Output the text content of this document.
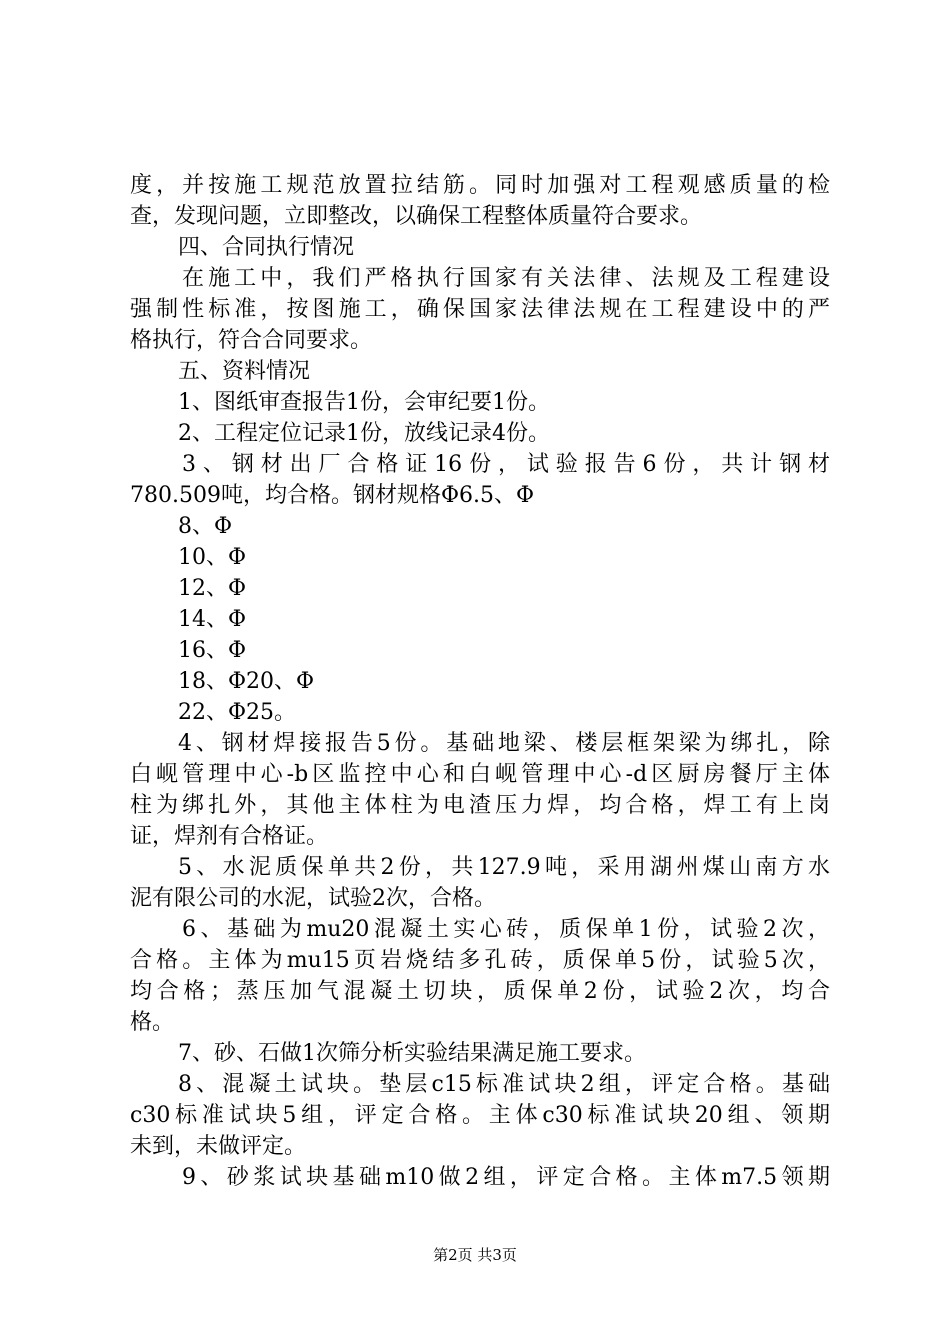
度，并按施工规范放置拉结筋。同时加强对工程观感质量的检
查，发现问题，立即整改，以确保工程整体质量符合要求。
四、合同执行情况
在施工中，我们严格执行国家有关法律、法规及工程建设
强制性标准，按图施工，确保国家法律法规在工程建设中的严
格执行，符合合同要求。
五、资料情况
1、图纸审查报告1份，会审纪要1份。
2、工程定位记录1份，放线记录4份。
3、钢材出厂合格证16份，试验报告6份，共计钢材
780.509吨，均合格。钢材规格Φ6.5、Φ
8、Φ
10、Φ
12、Φ
14、Φ
16、Φ
18、Φ20、Φ
22、Φ25。
4、钢材焊接报告5份。基础地梁、楼层框架梁为绑扎，除
白岘管理中心-b区监控中心和白岘管理中心-d区厨房餐厅主体
柱为绑扎外，其他主体柱为电渣压力焊，均合格，焊工有上岗
证，焊剂有合格证。
5、水泥质保单共2份，共127.9吨，采用湖州煤山南方水
泥有限公司的水泥，试验2次，合格。
6、基础为mu20混凝土实心砖，质保单1份，试验2次，
合格。主体为mu15页岩烧结多孔砖，质保单5份，试验5次，
均合格；蒸压加气混凝土切块，质保单2份，试验2次，均合
格。
7、砂、石做1次筛分析实验结果满足施工要求。
8、混凝土试块。垫层c15标准试块2组，评定合格。基础
c30标准试块5组，评定合格。主体c30标准试块20组、领期
未到，未做评定。
9、砂浆试块基础m10做2组，评定合格。主体m7.5领期
第2页 共3页
